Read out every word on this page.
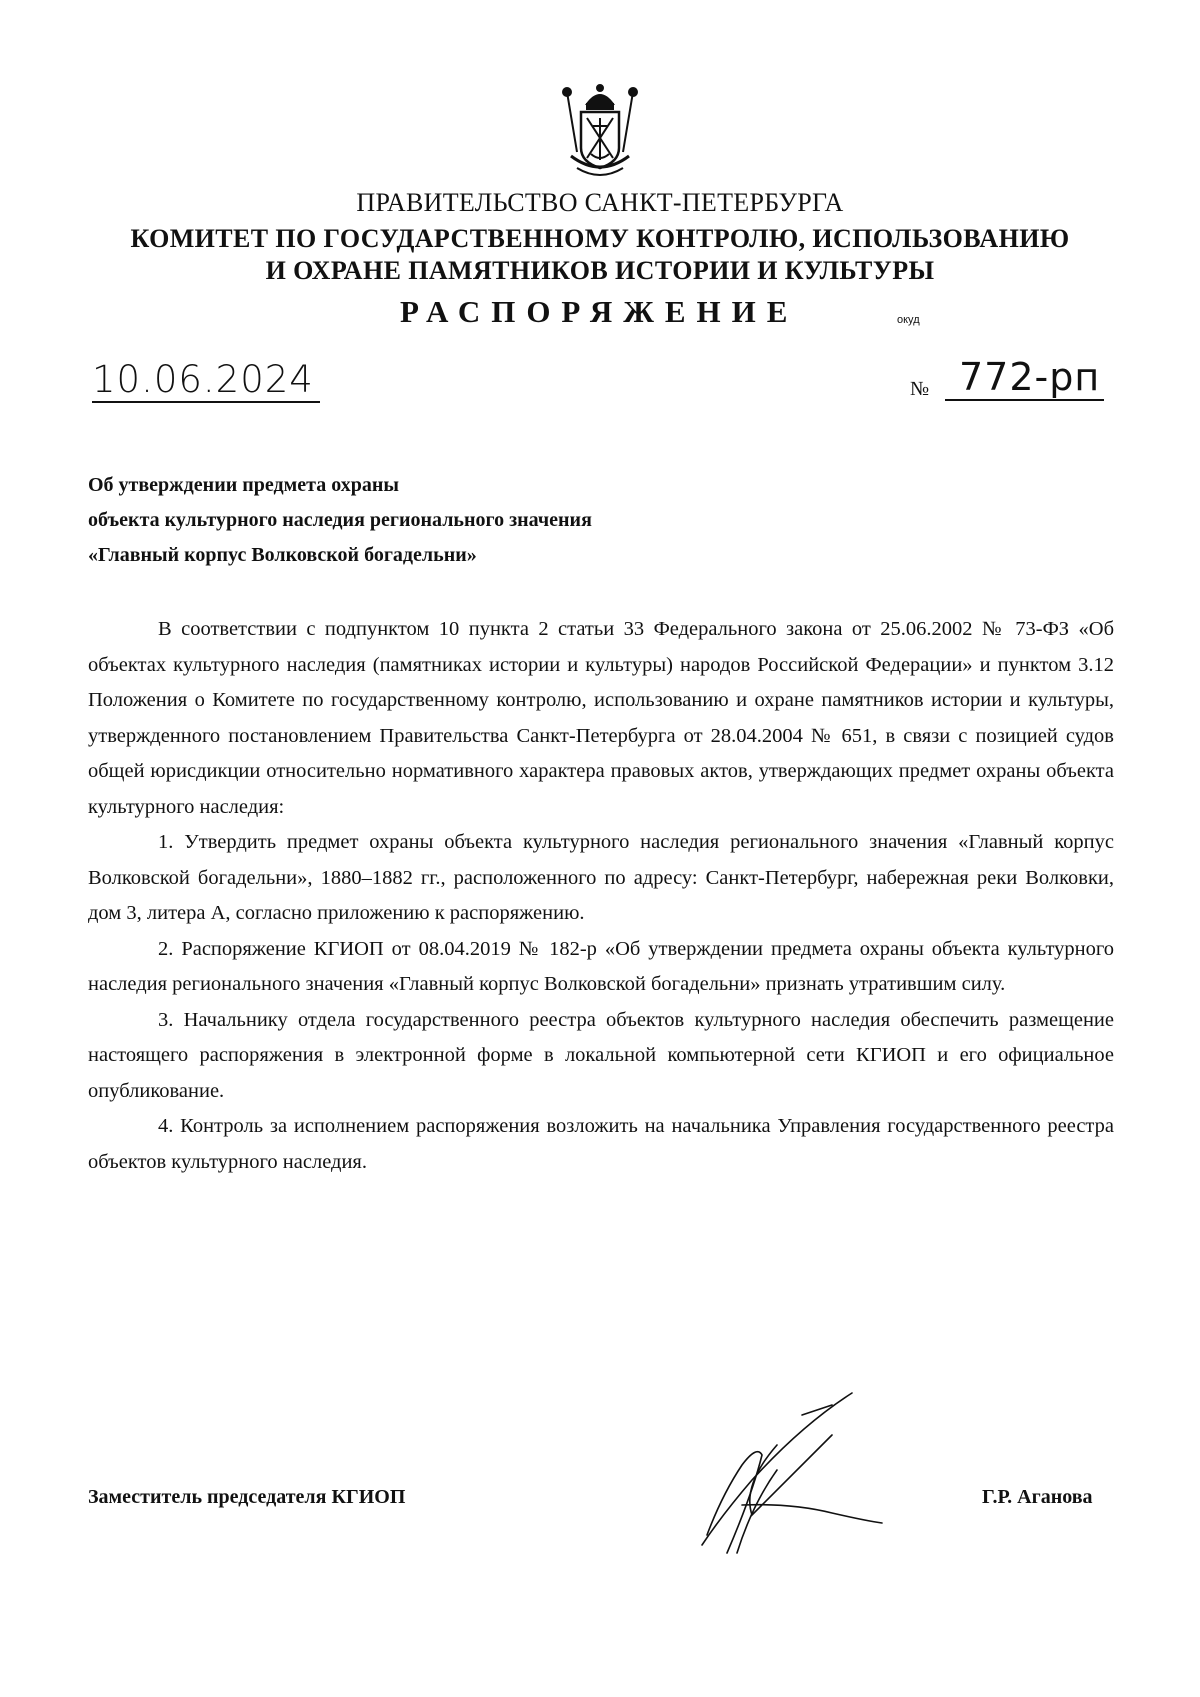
ПРАВИТЕЛЬСТВО САНКТ-ПЕТЕРБУРГА
КОМИТЕТ ПО ГОСУДАРСТВЕННОМУ КОНТРОЛЮ, ИСПОЛЬЗОВАНИЮ
И ОХРАНЕ ПАМЯТНИКОВ ИСТОРИИ И КУЛЬТУРЫ
РАСПОРЯЖЕНИЕ	окуд
10.06.2024	№ 772-рп
Об утверждении предмета охраны
объекта культурного наследия регионального значения
«Главный корпус Волковской богадельни»

В соответствии с подпунктом 10 пункта 2 статьи 33 Федерального закона от 25.06.2002 № 73-ФЗ «Об объектах культурного наследия (памятниках истории и культуры) народов Российской Федерации» и пунктом 3.12 Положения о Комитете по государственному контролю, использованию и охране памятников истории и культуры, утвержденного постановлением Правительства Санкт-Петербурга от 28.04.2004 № 651, в связи с позицией судов общей юрисдикции относительно нормативного характера правовых актов, утверждающих предмет охраны объекта культурного наследия:

1. Утвердить предмет охраны объекта культурного наследия регионального значения «Главный корпус Волковской богадельни», 1880–1882 гг., расположенного по адресу: Санкт-Петербург, набережная реки Волковки, дом 3, литера А, согласно приложению к распоряжению.

2. Распоряжение КГИОП от 08.04.2019 № 182-р «Об утверждении предмета охраны объекта культурного наследия регионального значения «Главный корпус Волковской богадельни» признать утратившим силу.

3. Начальнику отдела государственного реестра объектов культурного наследия обеспечить размещение настоящего распоряжения в электронной форме в локальной компьютерной сети КГИОП и его официальное опубликование.

4. Контроль за исполнением распоряжения возложить на начальника Управления государственного реестра объектов культурного наследия.

Заместитель председателя КГИОП	Г.Р. Аганова
